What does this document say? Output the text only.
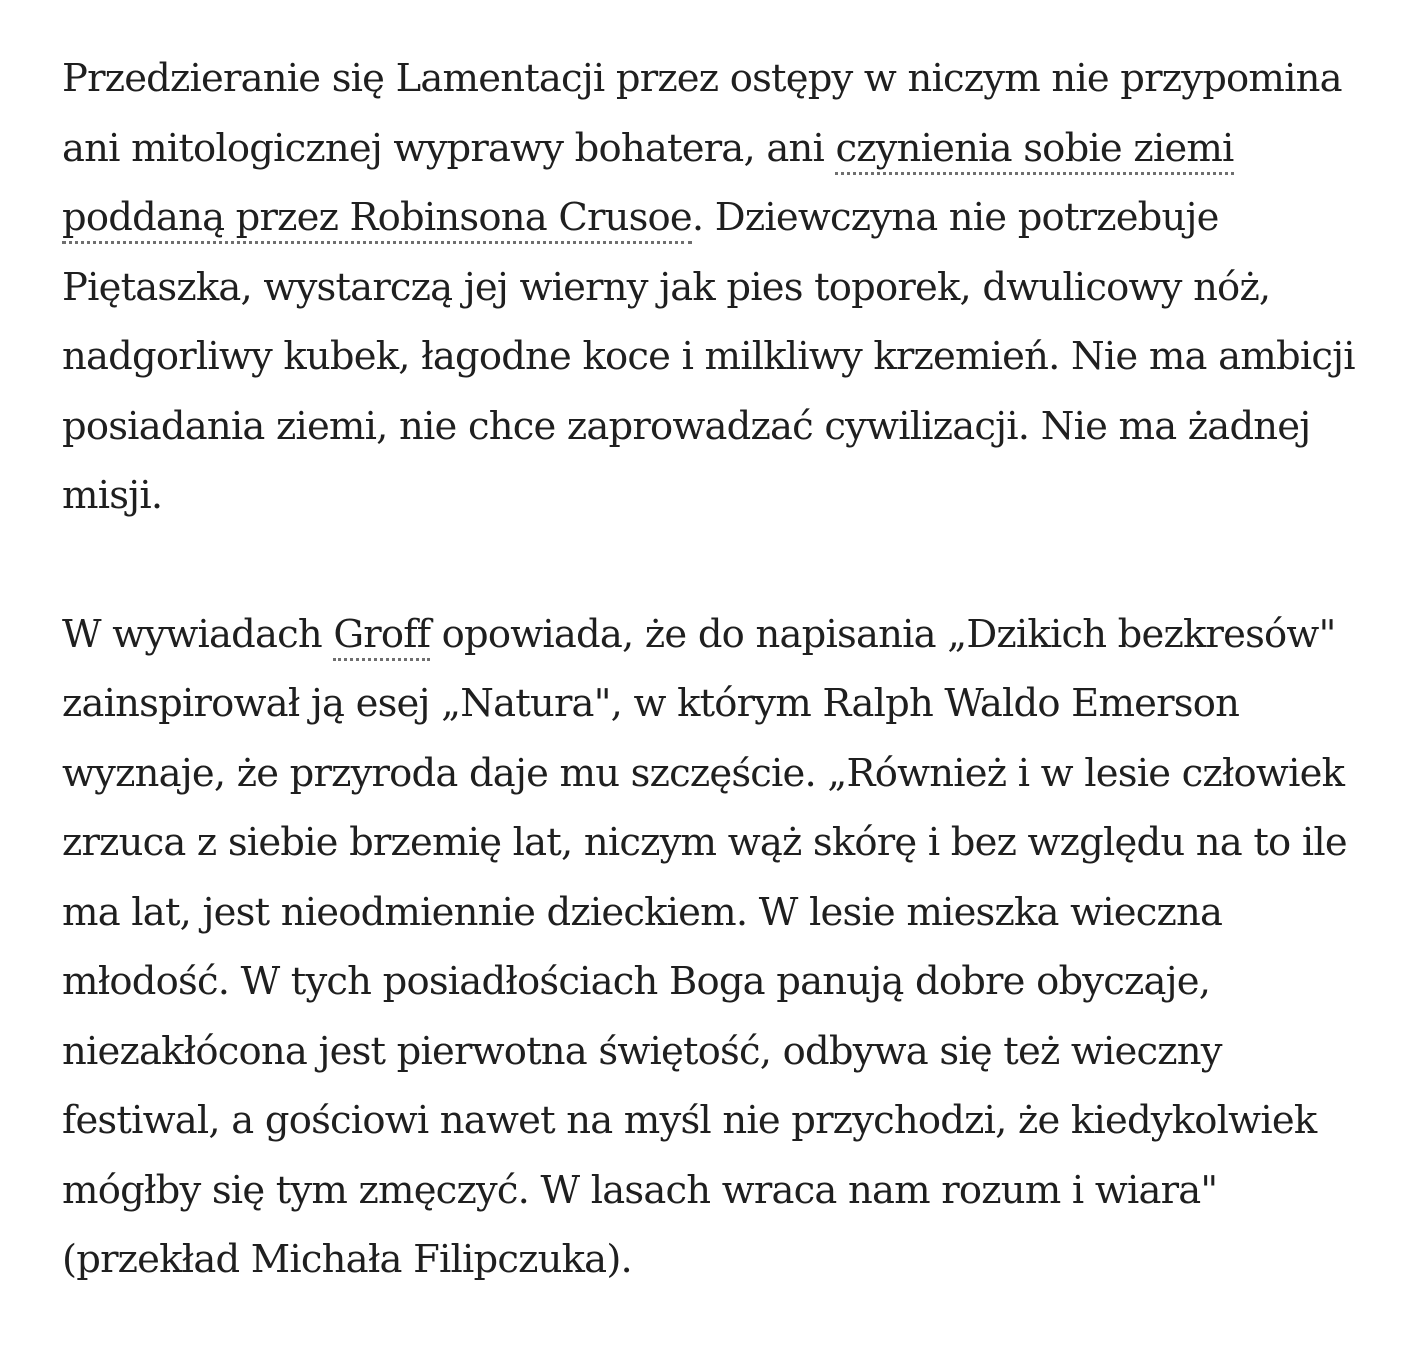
Przedzieranie się Lamentacji przez ostępy w niczym nie przypomina
ani mitologicznej wyprawy bohatera, ani czynienia sobie ziemi
poddaną przez Robinsona Crusoe. Dziewczyna nie potrzebuje
Piętaszka, wystarczą jej wierny jak pies toporek, dwulicowy nóż,
nadgorliwy kubek, łagodne koce i milkliwy krzemień. Nie ma ambicji
posiadania ziemi, nie chce zaprowadzać cywilizacji. Nie ma żadnej
misji.

W wywiadach Groff opowiada, że do napisania „Dzikich bezkresów"
zainspirował ją esej „Natura", w którym Ralph Waldo Emerson
wyznaje, że przyroda daje mu szczęście. „Również i w lesie człowiek
zrzuca z siebie brzemię lat, niczym wąż skórę i bez względu na to ile
ma lat, jest nieodmiennie dzieckiem. W lesie mieszka wieczna
młodość. W tych posiadłościach Boga panują dobre obyczaje,
niezakłócona jest pierwotna świętość, odbywa się też wieczny
festiwal, a gościowi nawet na myśl nie przychodzi, że kiedykolwiek
mógłby się tym zmęczyć. W lasach wraca nam rozum i wiara"
(przekład Michała Filipczuka).
